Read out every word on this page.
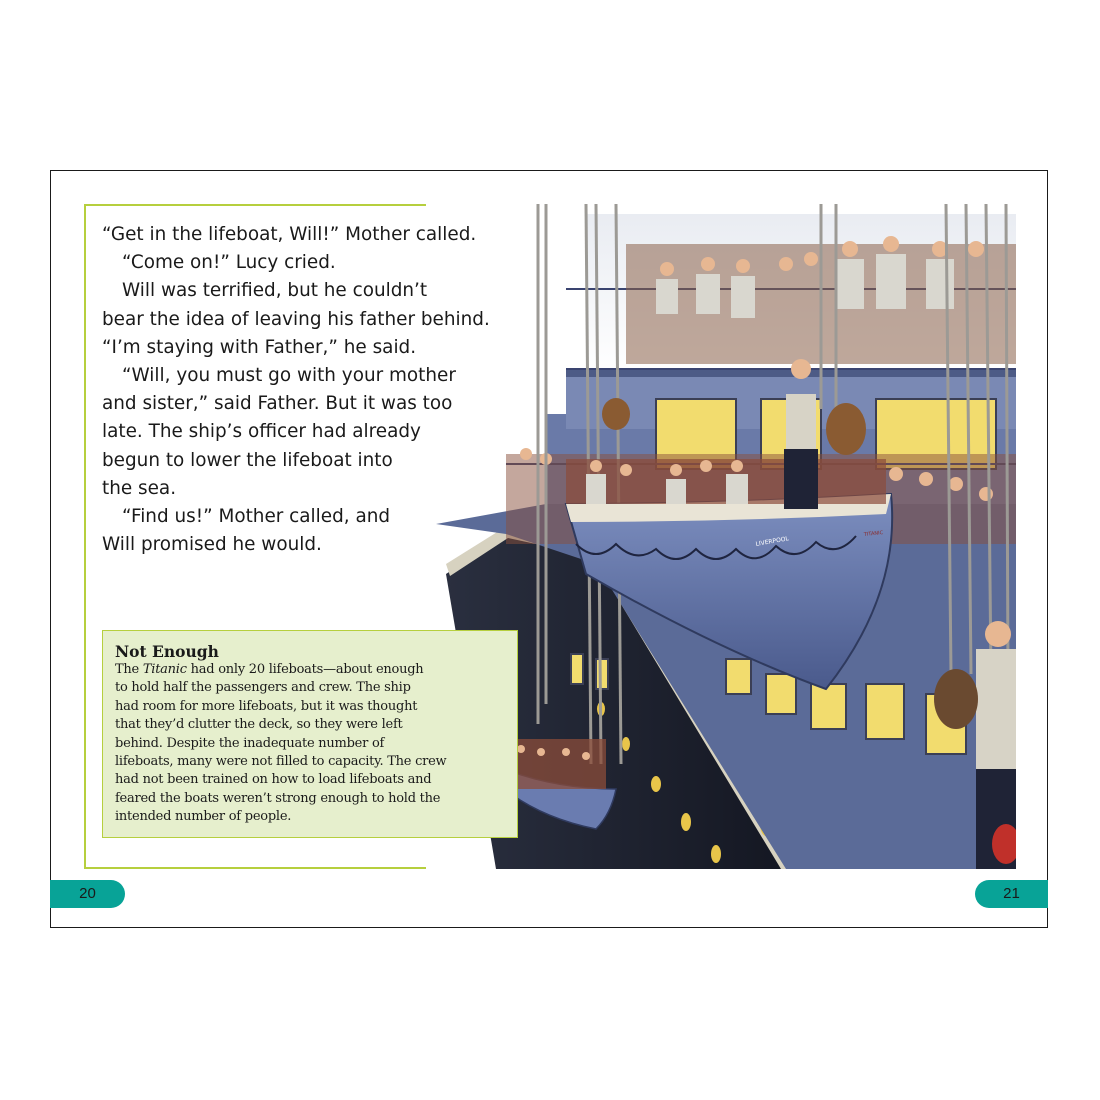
LIVERPOOL
TITANIC

“Get in the lifeboat, Will!” Mother called.

“Come on!” Lucy cried.

Will was terrified, but he couldn’t

bear the idea of leaving his father behind.

“I’m staying with Father,” he said.

“Will, you must go with your mother

and sister,” said Father. But it was too

late. The ship’s officer had already

begun to lower the lifeboat into

the sea.

“Find us!” Mother called, and

Will promised he would.

Not Enough

The Titanic had only 20 lifeboats—about enough

to hold half the passengers and crew. The ship

had room for more lifeboats, but it was thought

that they’d clutter the deck, so they were left

behind. Despite the inadequate number of

lifeboats, many were not filled to capacity. The crew

had not been trained on how to load lifeboats and

feared the boats weren’t strong enough to hold the

intended number of people.

20	21
